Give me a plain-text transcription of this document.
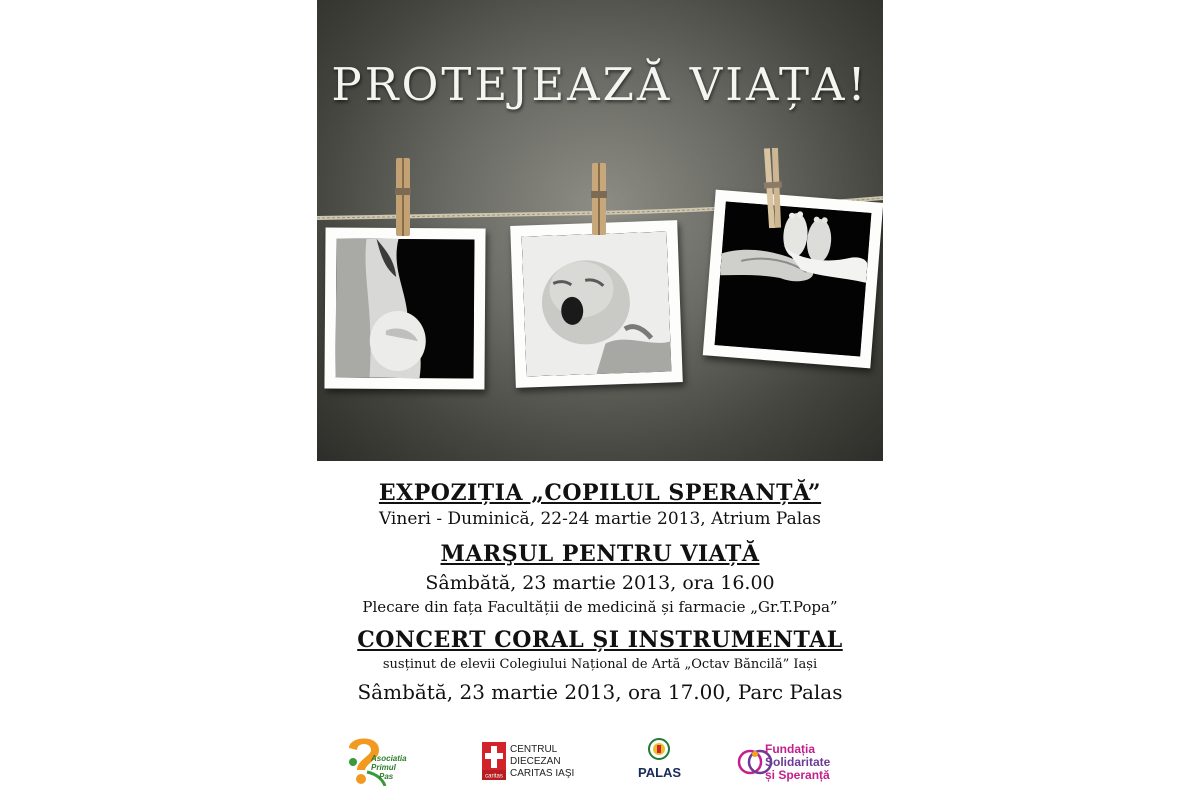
PROTEJEAZĂ VIAȚA!
EXPOZIȚIA „COPILUL SPERANȚĂ”
Vineri - Duminică, 22-24 martie 2013, Atrium Palas
MARŞUL PENTRU VIAȚĂ
Sâmbătă, 23 martie 2013, ora 16.00
Plecare din fața Facultății de medicină și farmacie „Gr.T.Popa”
CONCERT CORAL ȘI INSTRUMENTAL
susținut de elevii Colegiului Național de Artă „Octav Băncilă” Iași
Sâmbătă, 23 martie 2013, ora 17.00, Parc Palas
Asociatia
Primul
Pas	caritas
CENTRUL
DIECEZAN
CARITAS IAŞI	PALAS
Fundația
Solidaritate
și Speranță
